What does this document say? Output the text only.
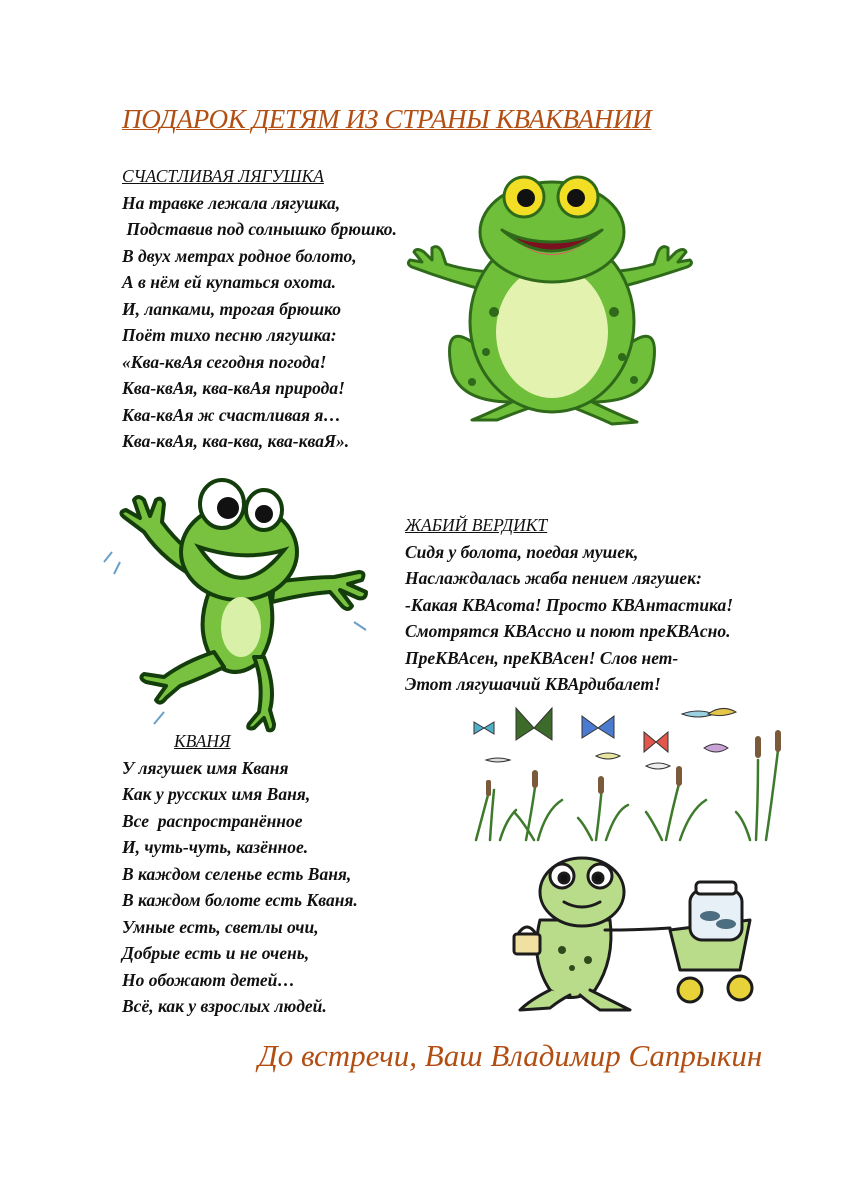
ПОДАРОК ДЕТЯМ ИЗ СТРАНЫ КВАКВАНИИ
СЧАСТЛИВАЯ ЛЯГУШКА
На травке лежала лягушка,
Подставив под солнышко брюшко.
В двух метрах родное болото,
А в нём ей купаться охота.
И, лапками, трогая брюшко
Поёт тихо песню лягушка:
«Ква-квАя сегодня погода!
Ква-квАя, ква-квАя природа!
Ква-квАя ж счастливая я…
Ква-квАя, ква-ква, ква-кваЯ».
ЖАБИЙ ВЕРДИКТ
Сидя у болота, поедая мушек,
Наслаждалась жаба пением лягушек:
-Какая КВАсота! Просто КВАнтастика!
Смотрятся КВАссно и поют преКВАсно.
ПреКВАсен, преКВАсен! Слов нет-
Этот лягушачий КВАрдибалет!
КВАНЯ
У лягушек имя Кваня
Как у русских имя Ваня,
Все  распространённое
И, чуть-чуть, казённое.
В каждом селенье есть Ваня,
В каждом болоте есть Кваня.
Умные есть, светлы очи,
Добрые есть и не очень,
Но обожают детей…
Всё, как у взрослых людей.
До встречи, Ваш Владимир Сапрыкин
